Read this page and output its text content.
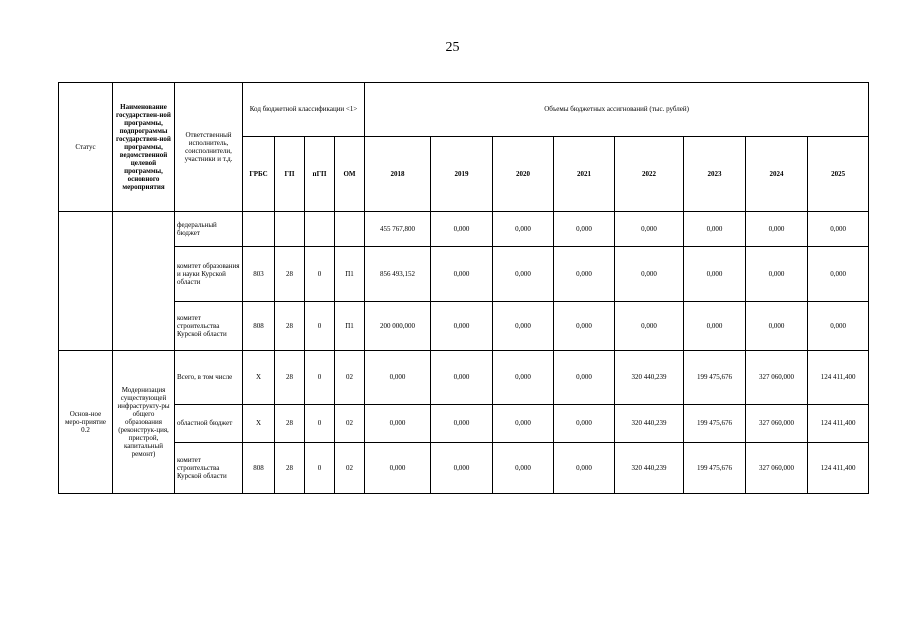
25
Статус	Наименование государствен-ной программы, подпрограммы государствен-ной программы, ведомственной целевой программы, основного мероприятия	Ответственный исполнитель, соисполнители, участники и т.д.	Код бюджетной классификации <1>				Объемы бюджетных ассигнований (тыс. рублей)							
			ГРБС	ГП	пГП	ОМ	2018	2019	2020	2021	2022	2023	2024	2025
		федеральный бюджет					455 767,800	0,000	0,000	0,000	0,000	0,000	0,000	0,000
		комитет образования и науки Курской области	803	28	0	П1	856 493,152	0,000	0,000	0,000	0,000	0,000	0,000	0,000
		комитет строительства Курской области	808	28	0	П1	200 000,000	0,000	0,000	0,000	0,000	0,000	0,000	0,000
Основ-ное меро-приятие 0.2	Модернизация существующей инфраструкту-ры общего образования (реконструк-ция, пристрой, капитальный ремонт)	Всего, в том числе	Х	28	0	02	0,000	0,000	0,000	0,000	320 440,239	199 475,676	327 060,000	124 411,400
		областной бюджет	Х	28	0	02	0,000	0,000	0,000	0,000	320 440,239	199 475,676	327 060,000	124 411,400
		комитет строительства Курской области	808	28	0	02	0,000	0,000	0,000	0,000	320 440,239	199 475,676	327 060,000	124 411,400
